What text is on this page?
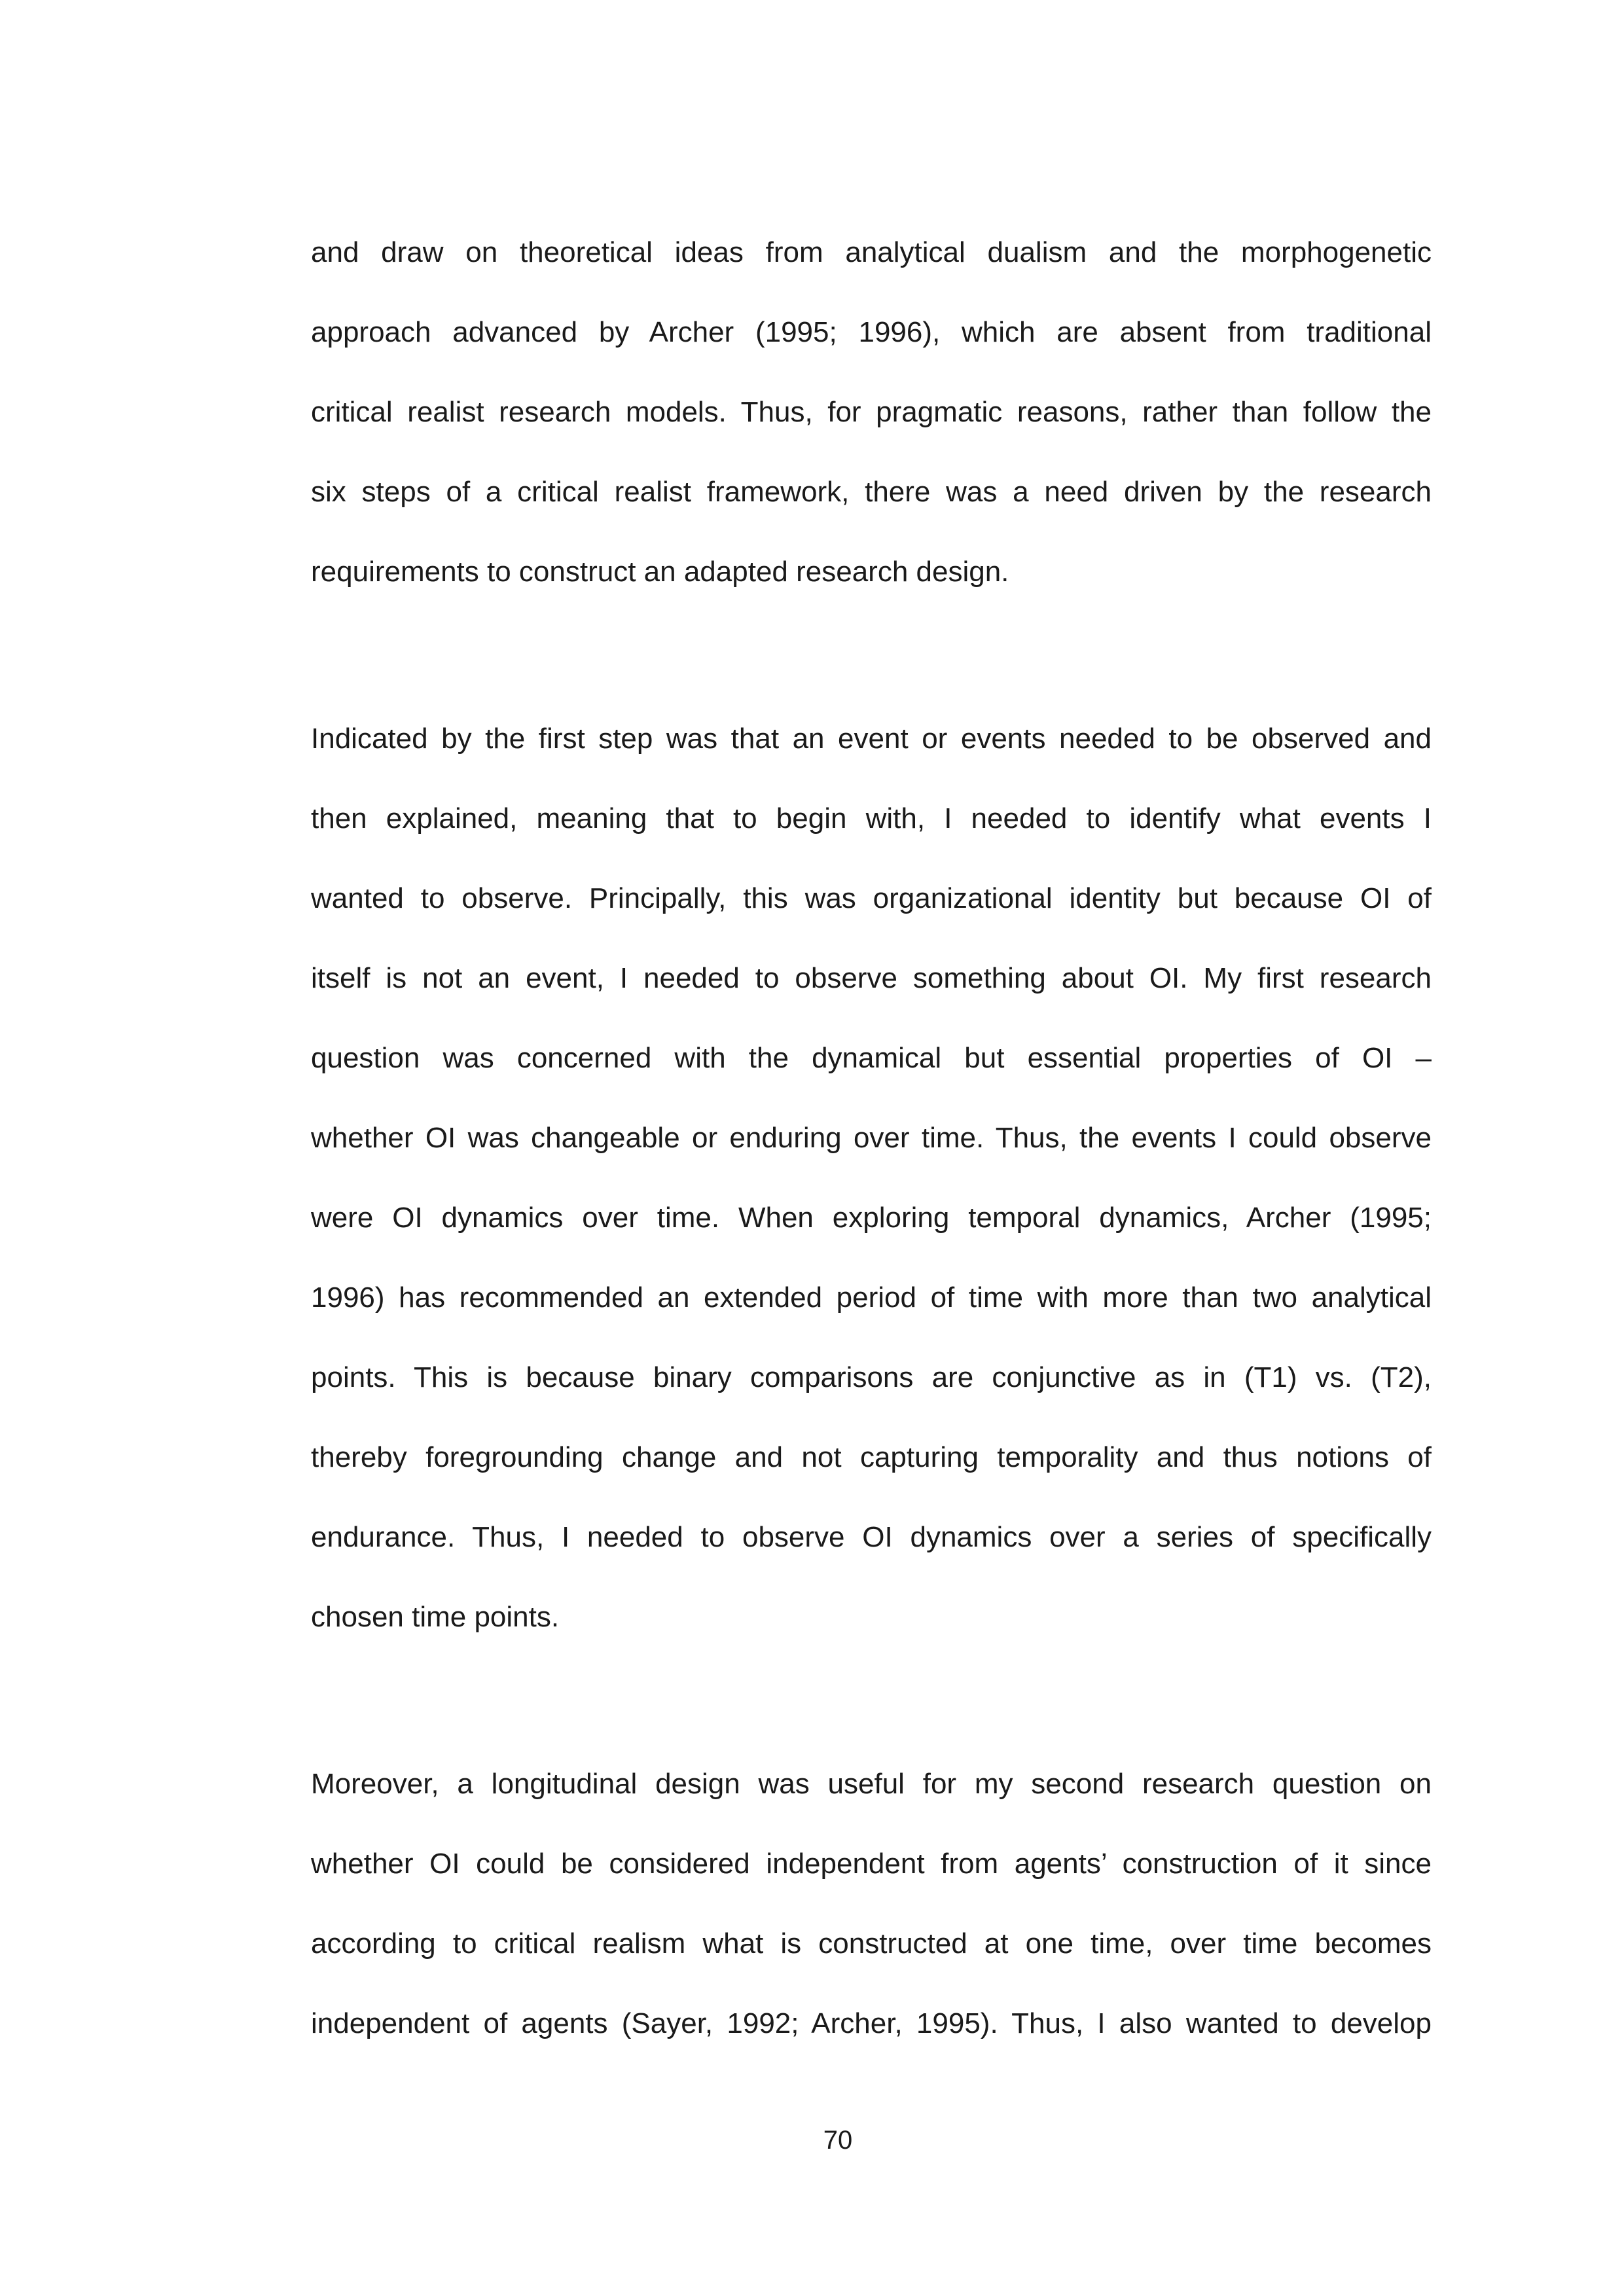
and draw on theoretical ideas from analytical dualism and the morphogenetic
approach advanced by Archer (1995; 1996), which are absent from traditional
critical realist research models. Thus, for pragmatic reasons, rather than follow the
six steps of a critical realist framework, there was a need driven by the research
requirements to construct an adapted research design.
Indicated by the first step was that an event or events needed to be observed and
then explained, meaning that to begin with, I needed to identify what events I
wanted to observe. Principally, this was organizational identity but because OI of
itself is not an event, I needed to observe something about OI. My first research
question was concerned with the dynamical but essential properties of OI –
whether OI was changeable or enduring over time. Thus, the events I could observe
were OI dynamics over time. When exploring temporal dynamics, Archer (1995;
1996) has recommended an extended period of time with more than two analytical
points. This is because binary comparisons are conjunctive as in (T1) vs. (T2),
thereby foregrounding change and not capturing temporality and thus notions of
endurance. Thus, I needed to observe OI dynamics over a series of specifically
chosen time points.
Moreover, a longitudinal design was useful for my second research question on
whether OI could be considered independent from agents’ construction of it since
according to critical realism what is constructed at one time, over time becomes
independent of agents (Sayer, 1992; Archer, 1995). Thus, I also wanted to develop
70
